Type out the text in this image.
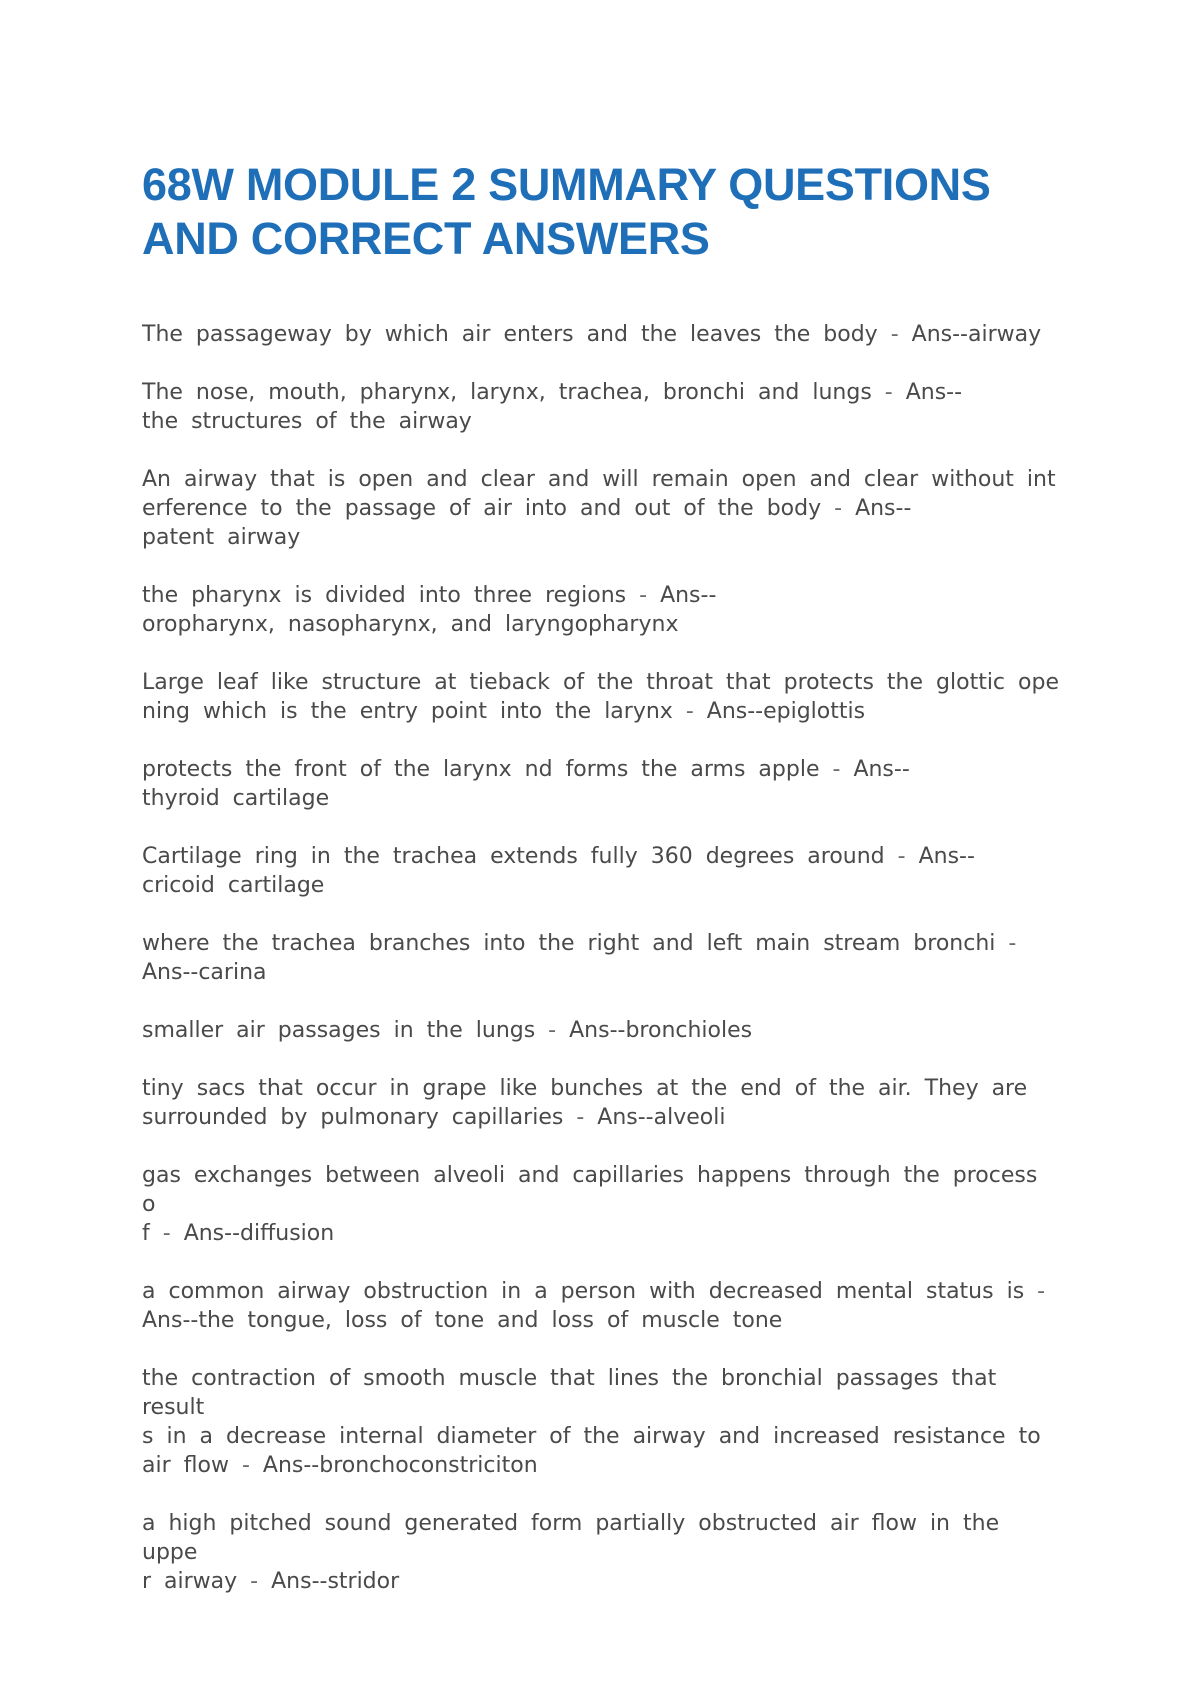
68W MODULE 2 SUMMARY QUESTIONS
AND CORRECT ANSWERS

The passageway by which air enters and the leaves the body - Ans--airway

The nose, mouth, pharynx, larynx, trachea, bronchi and lungs - Ans--
the structures of the airway

An airway that is open and clear and will remain open and clear without int
erference to the passage of air into and out of the body - Ans--
patent airway

the pharynx is divided into three regions - Ans--
oropharynx, nasopharynx, and laryngopharynx

Large leaf like structure at tieback of the throat that protects the glottic ope
ning which is the entry point into the larynx - Ans--epiglottis

protects the front of the larynx nd forms the arms apple - Ans--
thyroid cartilage

Cartilage ring in the trachea extends fully 360 degrees around - Ans--
cricoid cartilage

where the trachea branches into the right and left main stream bronchi -
Ans--carina

smaller air passages in the lungs - Ans--bronchioles

tiny sacs that occur in grape like bunches at the end of the air. They are
surrounded by pulmonary capillaries - Ans--alveoli

gas exchanges between alveoli and capillaries happens through the process o
f - Ans--diffusion

a common airway obstruction in a person with decreased mental status is -
Ans--the tongue, loss of tone and loss of muscle tone

the contraction of smooth muscle that lines the bronchial passages that result
s in a decrease internal diameter of the airway and increased resistance to
air flow - Ans--bronchoconstriciton

a high pitched sound generated form partially obstructed air flow in the uppe
r airway - Ans--stridor
